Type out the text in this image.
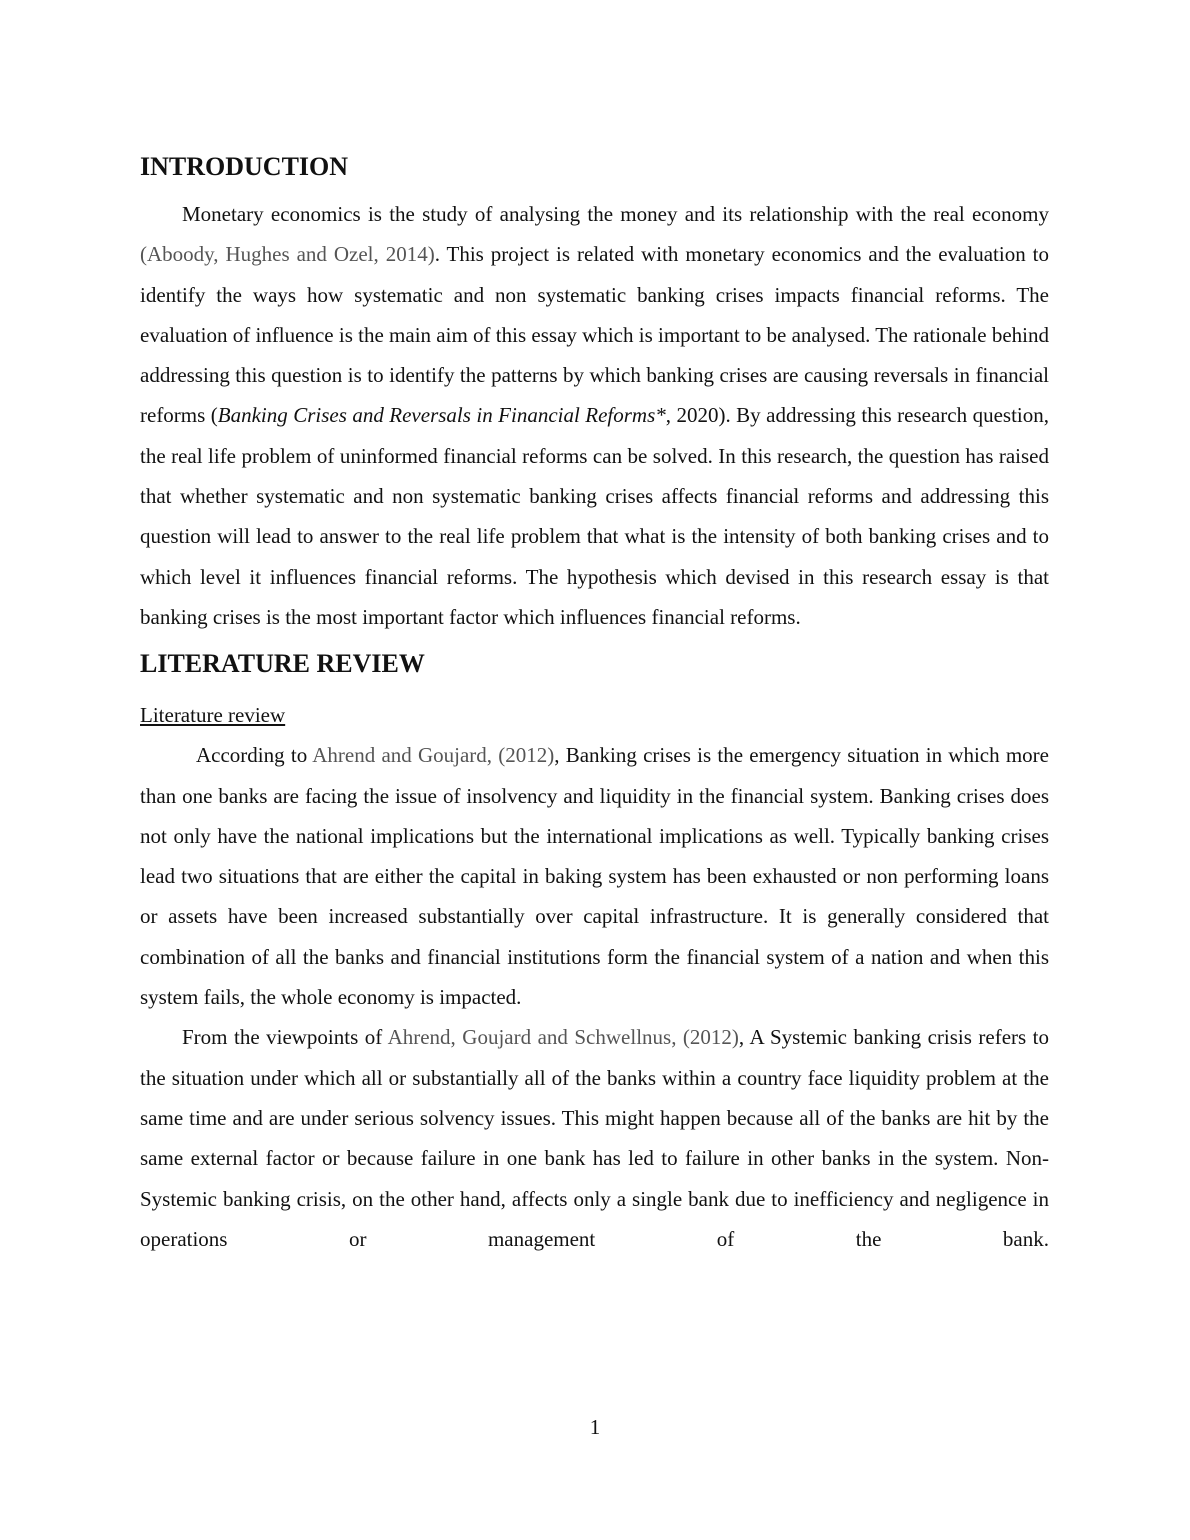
INTRODUCTION

Monetary economics is the study of analysing the money and its relationship with the real economy (Aboody, Hughes and Ozel, 2014). This project is related with monetary economics and the evaluation to identify the ways how systematic and non systematic banking crises impacts financial reforms. The evaluation of influence is the main aim of this essay which is important to be analysed. The rationale behind addressing this question is to identify the patterns by which banking crises are causing reversals in financial reforms (Banking Crises and Reversals in Financial Reforms*, 2020). By addressing this research question, the real life problem of uninformed financial reforms can be solved. In this research, the question has raised that whether systematic and non systematic banking crises affects financial reforms and addressing this question will lead to answer to the real life problem that what is the intensity of both banking crises and to which level it influences financial reforms. The hypothesis which devised in this research essay is that banking crises is the most important factor which influences financial reforms.

LITERATURE REVIEW
Literature review

According to Ahrend and Goujard, (2012), Banking crises is the emergency situation in which more than one banks are facing the issue of insolvency and liquidity in the financial system. Banking crises does not only have the national implications but the international implications as well. Typically banking crises lead two situations that are either the capital in baking system has been exhausted or non performing loans or assets have been increased substantially over capital infrastructure. It is generally considered that combination of all the banks and financial institutions form the financial system of a nation and when this system fails, the whole economy is impacted.

From the viewpoints of Ahrend, Goujard and Schwellnus, (2012), A Systemic banking crisis refers to the situation under which all or substantially all of the banks within a country face liquidity problem at the same time and are under serious solvency issues. This might happen because all of the banks are hit by the same external factor or because failure in one bank has led to failure in other banks in the system. Non-Systemic banking crisis, on the other hand, affects only a single bank due to inefficiency and negligence in operations or management of the bank.

1
